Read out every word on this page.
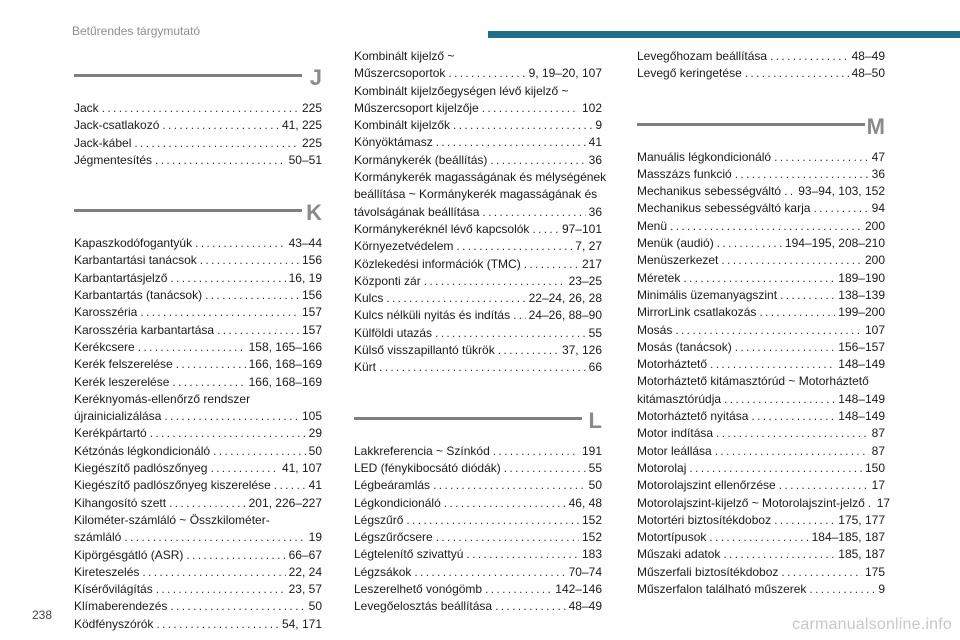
Betűrendes tárgymutató
J
Jack . . .	225
Jack-csatlakozó . . .	41, 225
Jack-kábel . . .	225
Jégmentesítés . . .	50–51
K
Kapaszkodófogantyúk . . .	43–44
Karbantartási tanácsok . . .	156
Karbantartásjelző . . .	16, 19
Karbantartás (tanácsok) . . .	156
Karosszéria . . .	157
Karosszéria karbantartása . . .	157
Kerékcsere . . .	158, 165–166
Kerék felszerelése . . .	166, 168–169
Kerék leszerelése . . .	166, 168–169
Keréknyomás-ellenőrző rendszer
újrainicializálása . . .	105
Kerékpártartó . . .	29
Kétzónás légkondicionáló . . .	50
Kiegészítő padlószőnyeg . . .	41, 107
Kiegészítő padlószőnyeg kiszerelése . . .	41
Kihangosító szett . . .	201, 226–227
Kilométer-számláló ~ Összkilométer-
számláló . . .	19
Kipörgésgátló (ASR) . . .	66–67
Kireteszelés . . .	22, 24
Kísérővilágítás . . .	23, 57
Klímaberendezés . . .	50
Ködfényszórók . . .	54, 171
Kombinált kijelző ~
Műszercsoportok . . .	9, 19–20, 107
Kombinált kijelzőegységen lévő kijelző ~
Műszercsoport kijelzője . . .	102
Kombinált kijelzők . . .	9
Könyöktámasz . . .	41
Kormánykerék (beállítás) . . .	36
Kormánykerék magasságának és mélységének
beállítása ~ Kormánykerék magasságának és
távolságának beállítása . . .	36
Kormánykeréknél lévő kapcsolók . . .	97–101
Környezetvédelem . . .	7, 27
Közlekedési információk (TMC) . . .	217
Központi zár . . .	23–25
Kulcs . . .	22–24, 26, 28
Kulcs nélküli nyitás és indítás . . . 24–26, 88–90
Külföldi utazás . . .	55
Külső visszapillantó tükrök . . .	37, 126
Kürt . . .	66
L
Lakkreferencia ~ Színkód . . .	191
LED (fénykibocsátó diódák) . . .	55
Légbeáramlás . . .	50
Légkondicionáló . . .	46, 48
Légszűrő . . .	152
Légszűrőcsere . . .	152
Légtelenítő szivattyú . . .	183
Légzsákok . . .	70–74
Leszerelhető vonógömb . . .	142–146
Levegőelosztás beállítása . . .	48–49
Levegőhozam beállítása . . .	48–49
Levegő keringetése . . .	48–50
M
Manuális légkondicionáló . . .	47
Masszázs funkció . . .	36
Mechanikus sebességváltó . . . 93–94, 103, 152
Mechanikus sebességváltó karja . . .	94
Menü . . .	200
Menük (audió) . . .	194–195, 208–210
Menüszerkezet . . .	200
Méretek . . .	189–190
Minimális üzemanyagszint . . .	138–139
MirrorLink csatlakozás . . .	199–200
Mosás . . .	107
Mosás (tanácsok) . . .	156–157
Motorháztető . . .	148–149
Motorháztető kitámasztórúd ~ Motorháztető
kitámasztórúdja . . .	148–149
Motorháztető nyitása . . .	148–149
Motor indítása . . .	87
Motor leállása . . .	87
Motorolaj . . .	150
Motorolajszint ellenőrzése . . .	17
Motorolajszint-kijelző ~ Motorolajszint-jelző . . . 17
Motortéri biztosítékdoboz . . .	175, 177
Motortípusok . . .	184–185, 187
Műszaki adatok . . .	185, 187
Műszerfali biztosítékdoboz . . .	175
Műszerfalon található műszerek . . .	9
238
carmanualsonline.info
